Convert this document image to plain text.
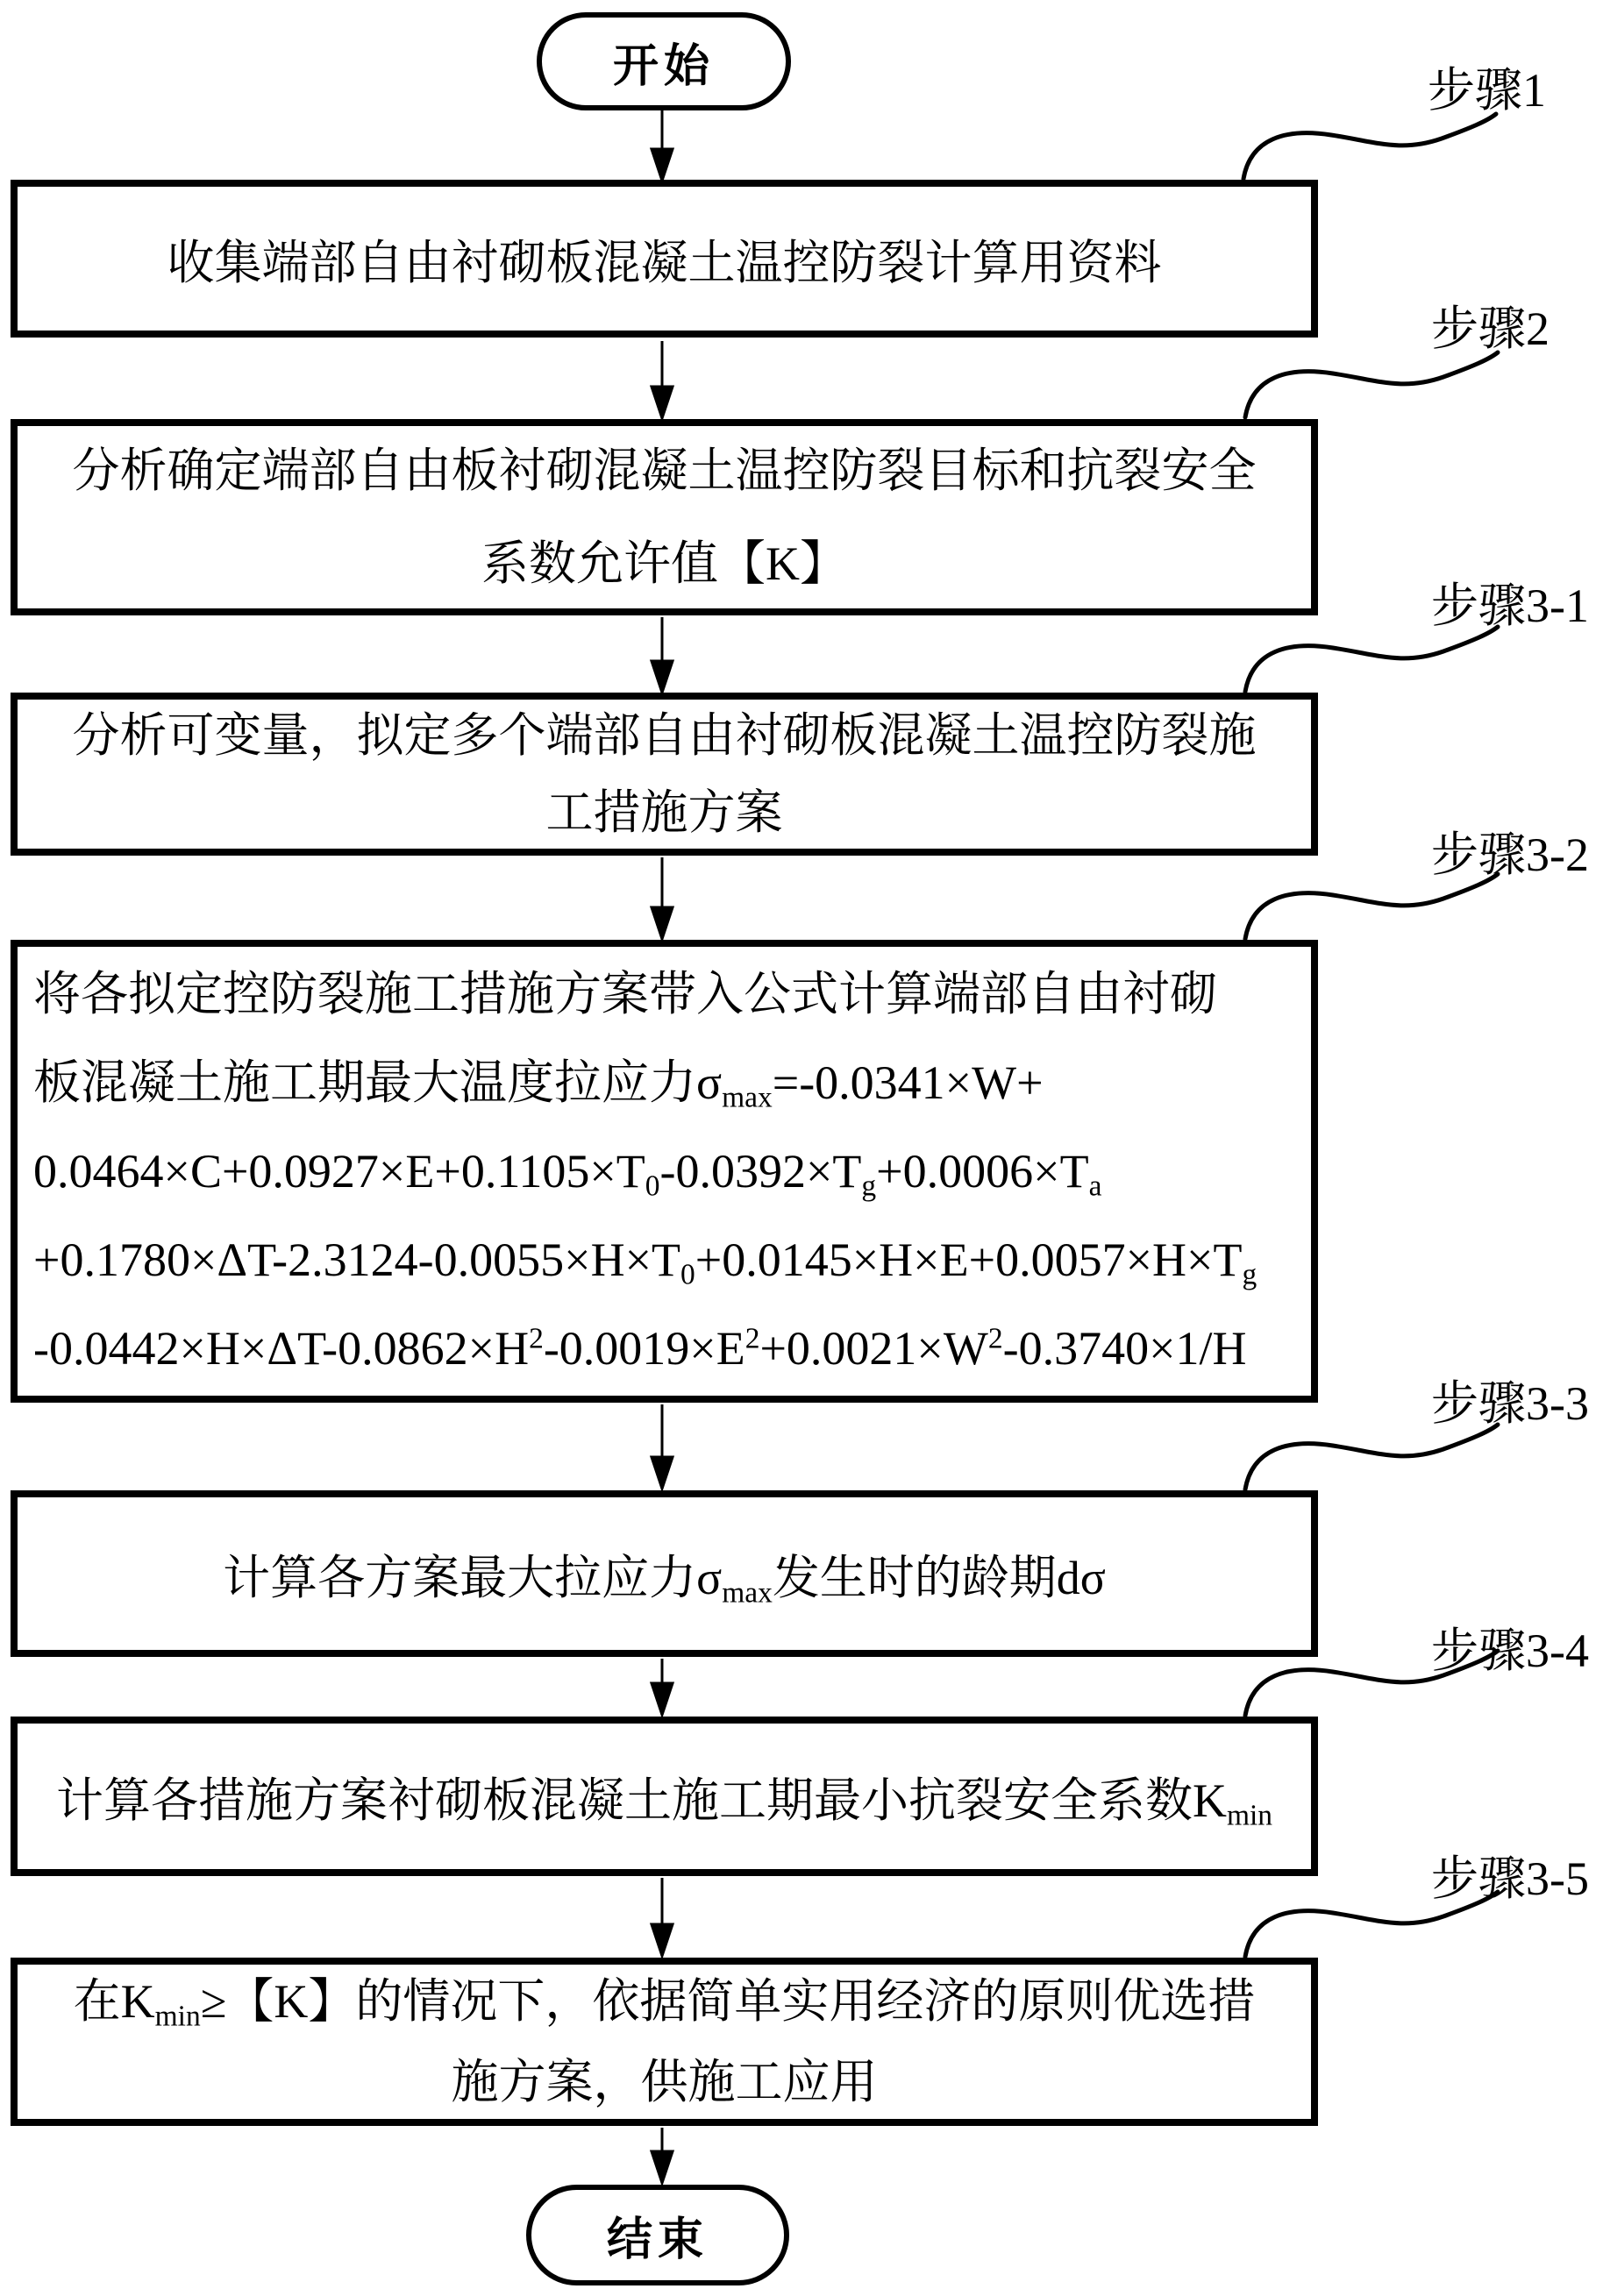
开始	步骤1
步骤2
步骤3-1
步骤3-2
步骤3-3
步骤3-4
步骤3-5
收集端部自由衬砌板混凝土温控防裂计算用资料
分析确定端部自由板衬砌混凝土温控防裂目标和抗裂安全
系数允许值【K】
分析可变量，拟定多个端部自由衬砌板混凝土温控防裂施
工措施方案
将各拟定控防裂施工措施方案带入公式计算端部自由衬砌
板混凝土施工期最大温度拉应力$\sigma_{max}=-0.0341\times W+$
$0.0464\times C+0.0927\times E+0.1105\times T_0-0.0392\times T_g+0.0006\times T_a$
$+0.1780\times\Delta T-2.3124-0.0055\times H\times T_0+0.0145\times H\times E+0.0057\times H\times T_g$
$-0.0442\times H\times\Delta T-0.0862\times H^2-0.0019\times E^2+0.0021\times W^2-0.3740\times 1/H$
计算各方案最大拉应力$\sigma_{max}$发生时的龄期dσ
计算各措施方案衬砌板混凝土施工期最小抗裂安全系数$K_{min}$
在$K_{min}\ge$【K】的情况下，依据简单实用经济的原则优选措
施方案，供施工应用
结束
